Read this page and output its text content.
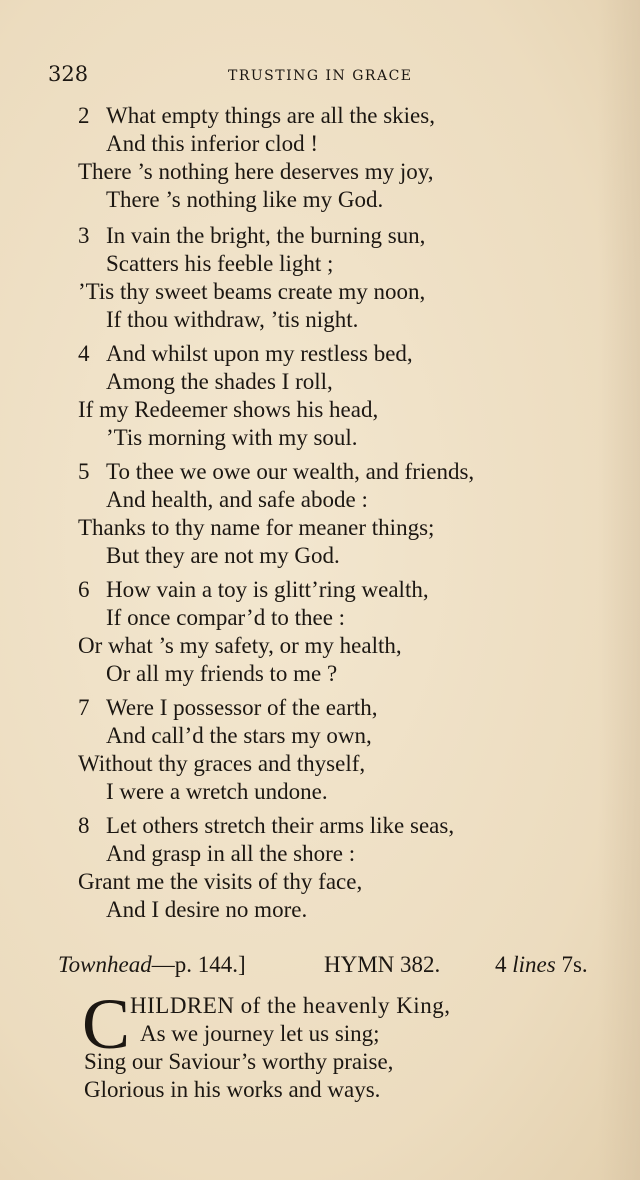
328	TRUSTING IN GRACE
2 What empty things are all the skies,
And this inferior clod !
There ’s nothing here deserves my joy,
There ’s nothing like my God.
3 In vain the bright, the burning sun,
Scatters his feeble light ;
’Tis thy sweet beams create my noon,
If thou withdraw, ’tis night.
4 And whilst upon my restless bed,
Among the shades I roll,
If my Redeemer shows his head,
’Tis morning with my soul.
5 To thee we owe our wealth, and friends,
And health, and safe abode :
Thanks to thy name for meaner things;
But they are not my God.
6 How vain a toy is glitt’ring wealth,
If once compar’d to thee :
Or what ’s my safety, or my health,
Or all my friends to me ?
7 Were I possessor of the earth,
And call’d the stars my own,
Without thy graces and thyself,
I were a wretch undone.
8 Let others stretch their arms like seas,
And grasp in all the shore :
Grant me the visits of thy face,
And I desire no more.
Townhead—p. 144.]	HYMN 382. 4 lines 7s.
C HILDREN of the heavenly King,
As we journey let us sing;
Sing our Saviour’s worthy praise,
Glorious in his works and ways.
